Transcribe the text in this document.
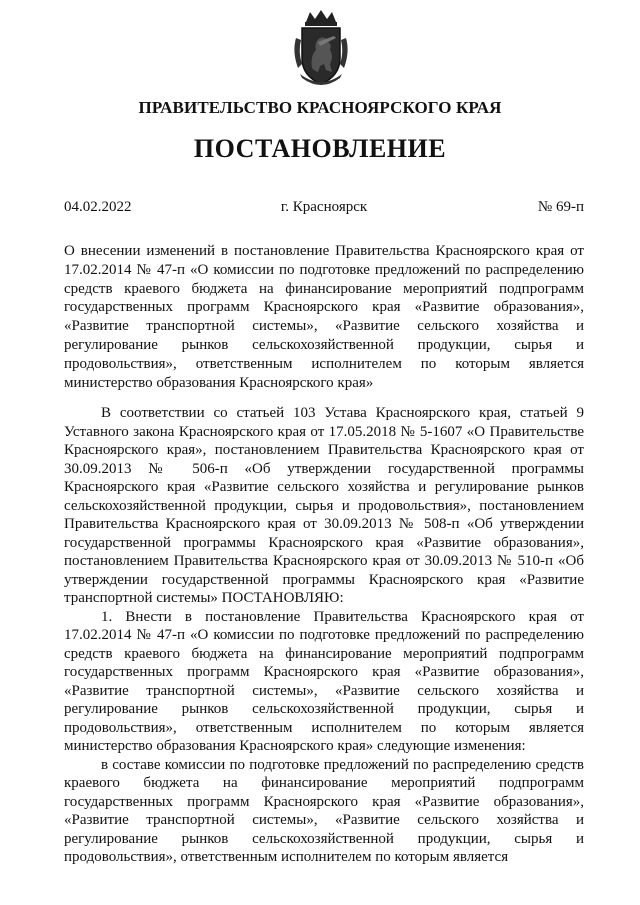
ПРАВИТЕЛЬСТВО КРАСНОЯРСКОГО КРАЯ
ПОСТАНОВЛЕНИЕ
04.02.2022	г. Красноярск	№ 69-п
О внесении изменений в постановление Правительства Красноярского края от 17.02.2014 № 47-п «О комиссии по подготовке предложений по распределению средств краевого бюджета на финансирование мероприятий подпрограмм государственных программ Красноярского края «Развитие образования», «Развитие транспортной системы», «Развитие сельского хозяйства и регулирование рынков сельскохозяйственной продукции, сырья и продовольствия», ответственным исполнителем по которым является министерство образования Красноярского края»

В соответствии со статьей 103 Устава Красноярского края, статьей 9 Уставного закона Красноярского края от 17.05.2018 № 5-1607 «О Правительстве Красноярского края», постановлением Правительства Красноярского края от 30.09.2013 № 506-п «Об утверждении государственной программы Красноярского края «Развитие сельского хозяйства и регулирование рынков сельскохозяйственной продукции, сырья и продовольствия», постановлением Правительства Красноярского края от 30.09.2013 № 508-п «Об утверждении государственной программы Красноярского края «Развитие образования», постановлением Правительства Красноярского края от 30.09.2013 № 510-п «Об утверждении государственной программы Красноярского края «Развитие транспортной системы» ПОСТАНОВЛЯЮ:

1. Внести в постановление Правительства Красноярского края от 17.02.2014 № 47-п «О комиссии по подготовке предложений по распределению средств краевого бюджета на финансирование мероприятий подпрограмм государственных программ Красноярского края «Развитие образования», «Развитие транспортной системы», «Развитие сельского хозяйства и регулирование рынков сельскохозяйственной продукции, сырья и продовольствия», ответственным исполнителем по которым является министерство образования Красноярского края» следующие изменения:

в составе комиссии по подготовке предложений по распределению средств краевого бюджета на финансирование мероприятий подпрограмм государственных программ Красноярского края «Развитие образования», «Развитие транспортной системы», «Развитие сельского хозяйства и регулирование рынков сельскохозяйственной продукции, сырья и продовольствия», ответственным исполнителем по которым является
